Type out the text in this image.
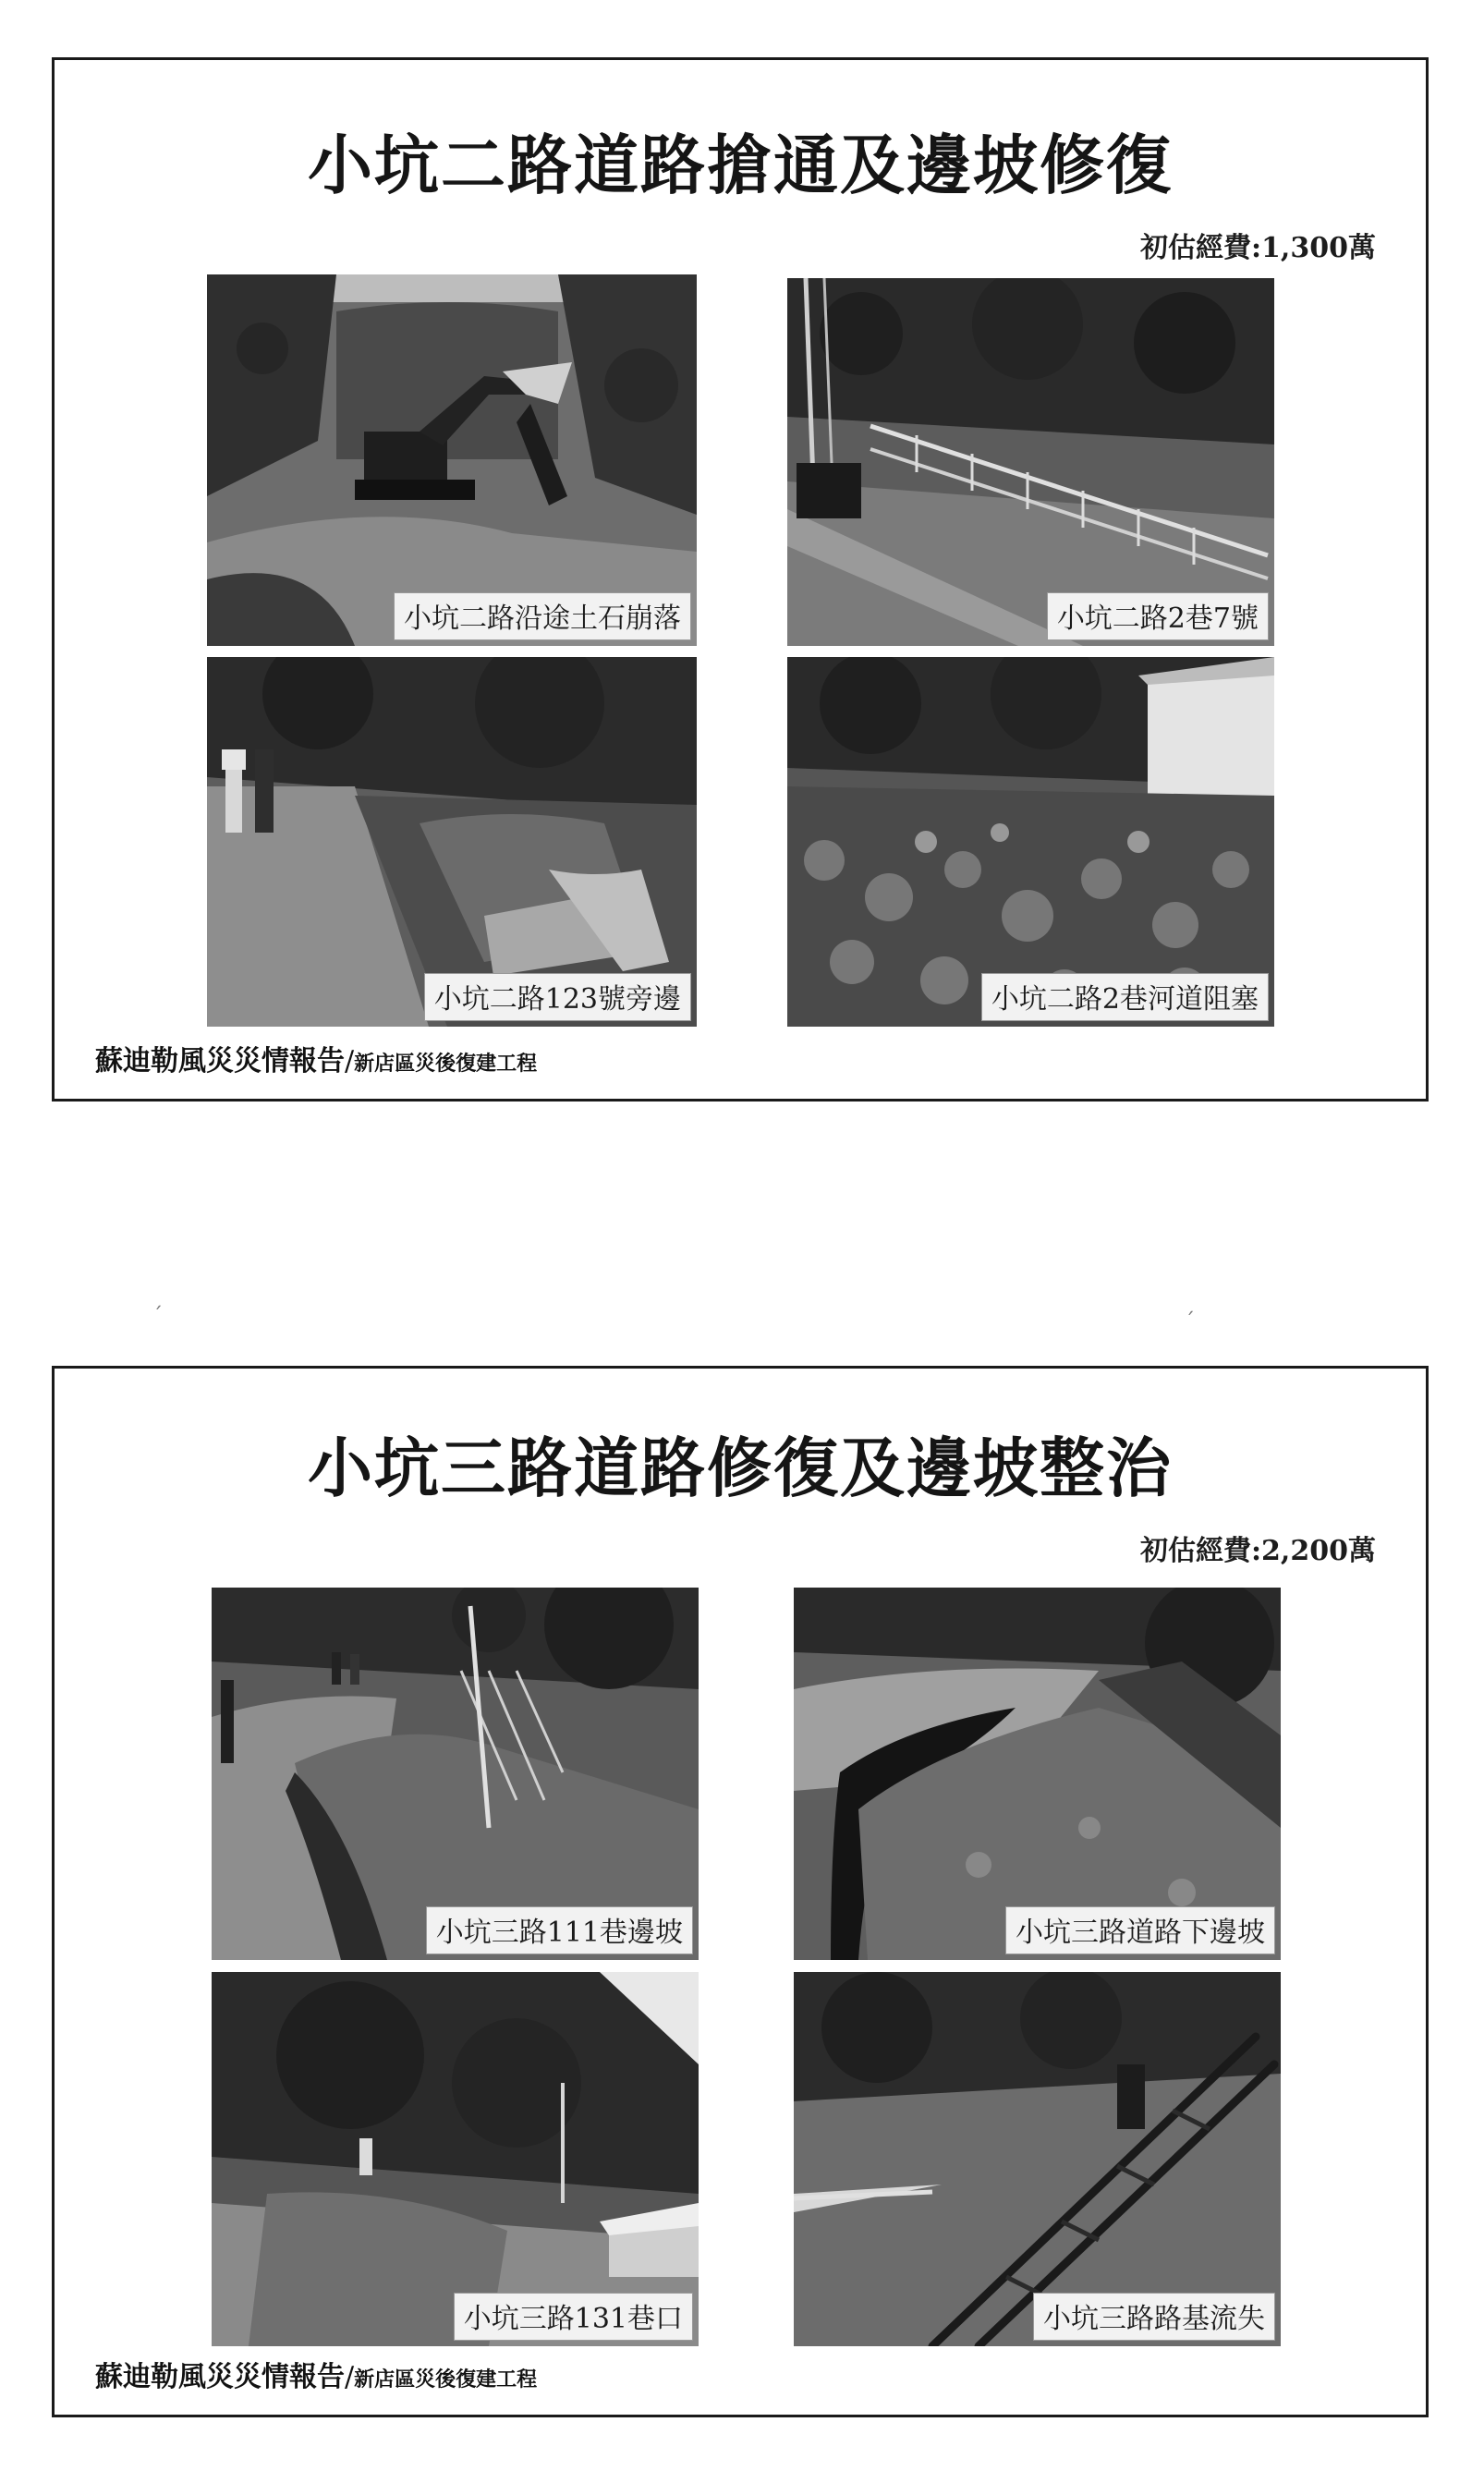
小坑二路道路搶通及邊坡修復
初估經費:1,300萬
小坑二路沿途土石崩落	小坑二路2巷7號
小坑二路123號旁邊	小坑二路2巷河道阻塞
蘇迪勒風災災情報告/新店區災後復建工程
ˊ	ˊ
小坑三路道路修復及邊坡整治
初估經費:2,200萬
小坑三路111巷邊坡	小坑三路道路下邊坡
小坑三路131巷口	小坑三路路基流失
蘇迪勒風災災情報告/新店區災後復建工程
